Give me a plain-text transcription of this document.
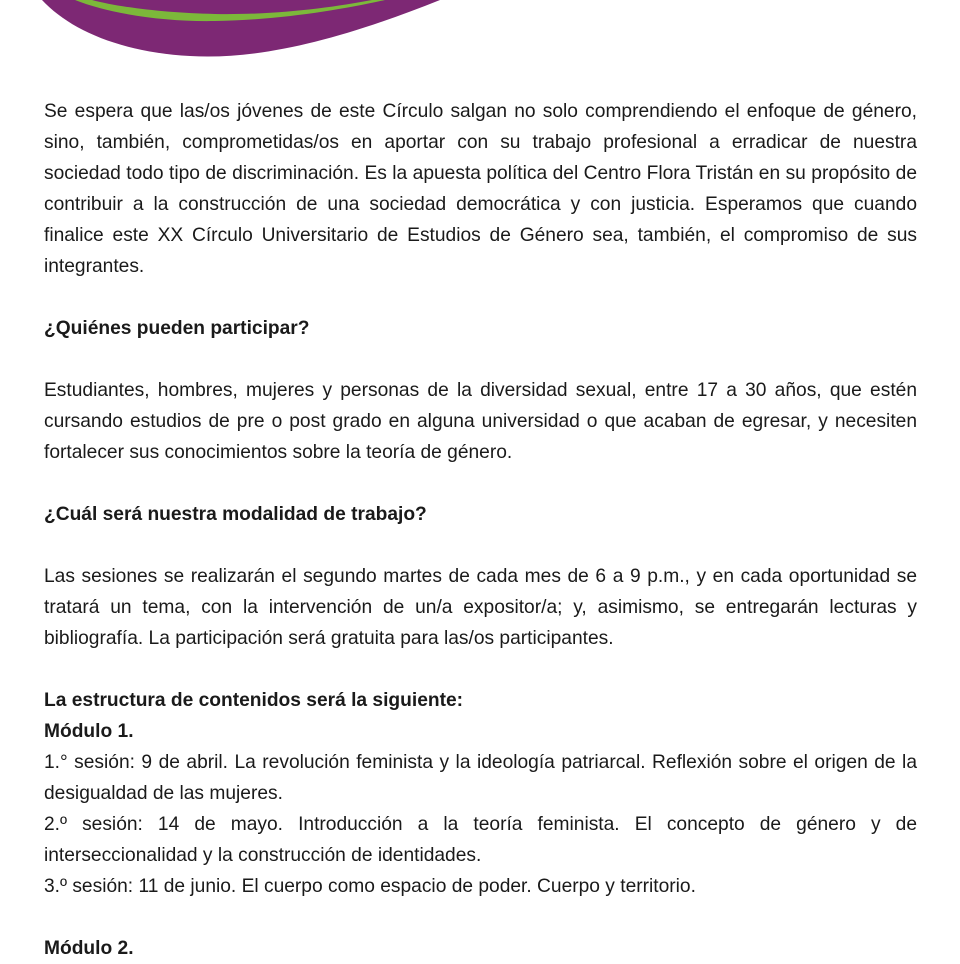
Se espera que las/os jóvenes de este Círculo salgan no solo comprendiendo el enfoque de género, sino, también, comprometidas/os en aportar con su trabajo profesional a erradicar de nuestra sociedad todo tipo de discriminación. Es la apuesta política del Centro Flora Tristán en su propósito de contribuir a la construcción de una sociedad democrática y con justicia. Esperamos que cuando finalice este XX Círculo Universitario de Estudios de Género sea, también, el compromiso de sus integrantes.

¿Quiénes pueden participar?

Estudiantes, hombres, mujeres y personas de la diversidad sexual, entre 17 a 30 años, que estén cursando estudios de pre o post grado en alguna universidad o que acaban de egresar, y necesiten fortalecer sus conocimientos sobre la teoría de género.

¿Cuál será nuestra modalidad de trabajo?

Las sesiones se realizarán el segundo martes de cada mes de 6 a 9 p.m., y en cada oportunidad se tratará un tema, con la intervención de un/a expositor/a; y, asimismo, se entregarán lecturas y bibliografía. La participación será gratuita para las/os participantes.

La estructura de contenidos será la siguiente:

Módulo 1.

1.° sesión: 9 de abril. La revolución feminista y la ideología patriarcal. Reflexión sobre el origen de la desigualdad de las mujeres.

2.º sesión: 14 de mayo. Introducción a la teoría feminista. El concepto de género y de interseccionalidad y la construcción de identidades.

3.º sesión: 11 de junio. El cuerpo como espacio de poder. Cuerpo y territorio.

Módulo 2.
